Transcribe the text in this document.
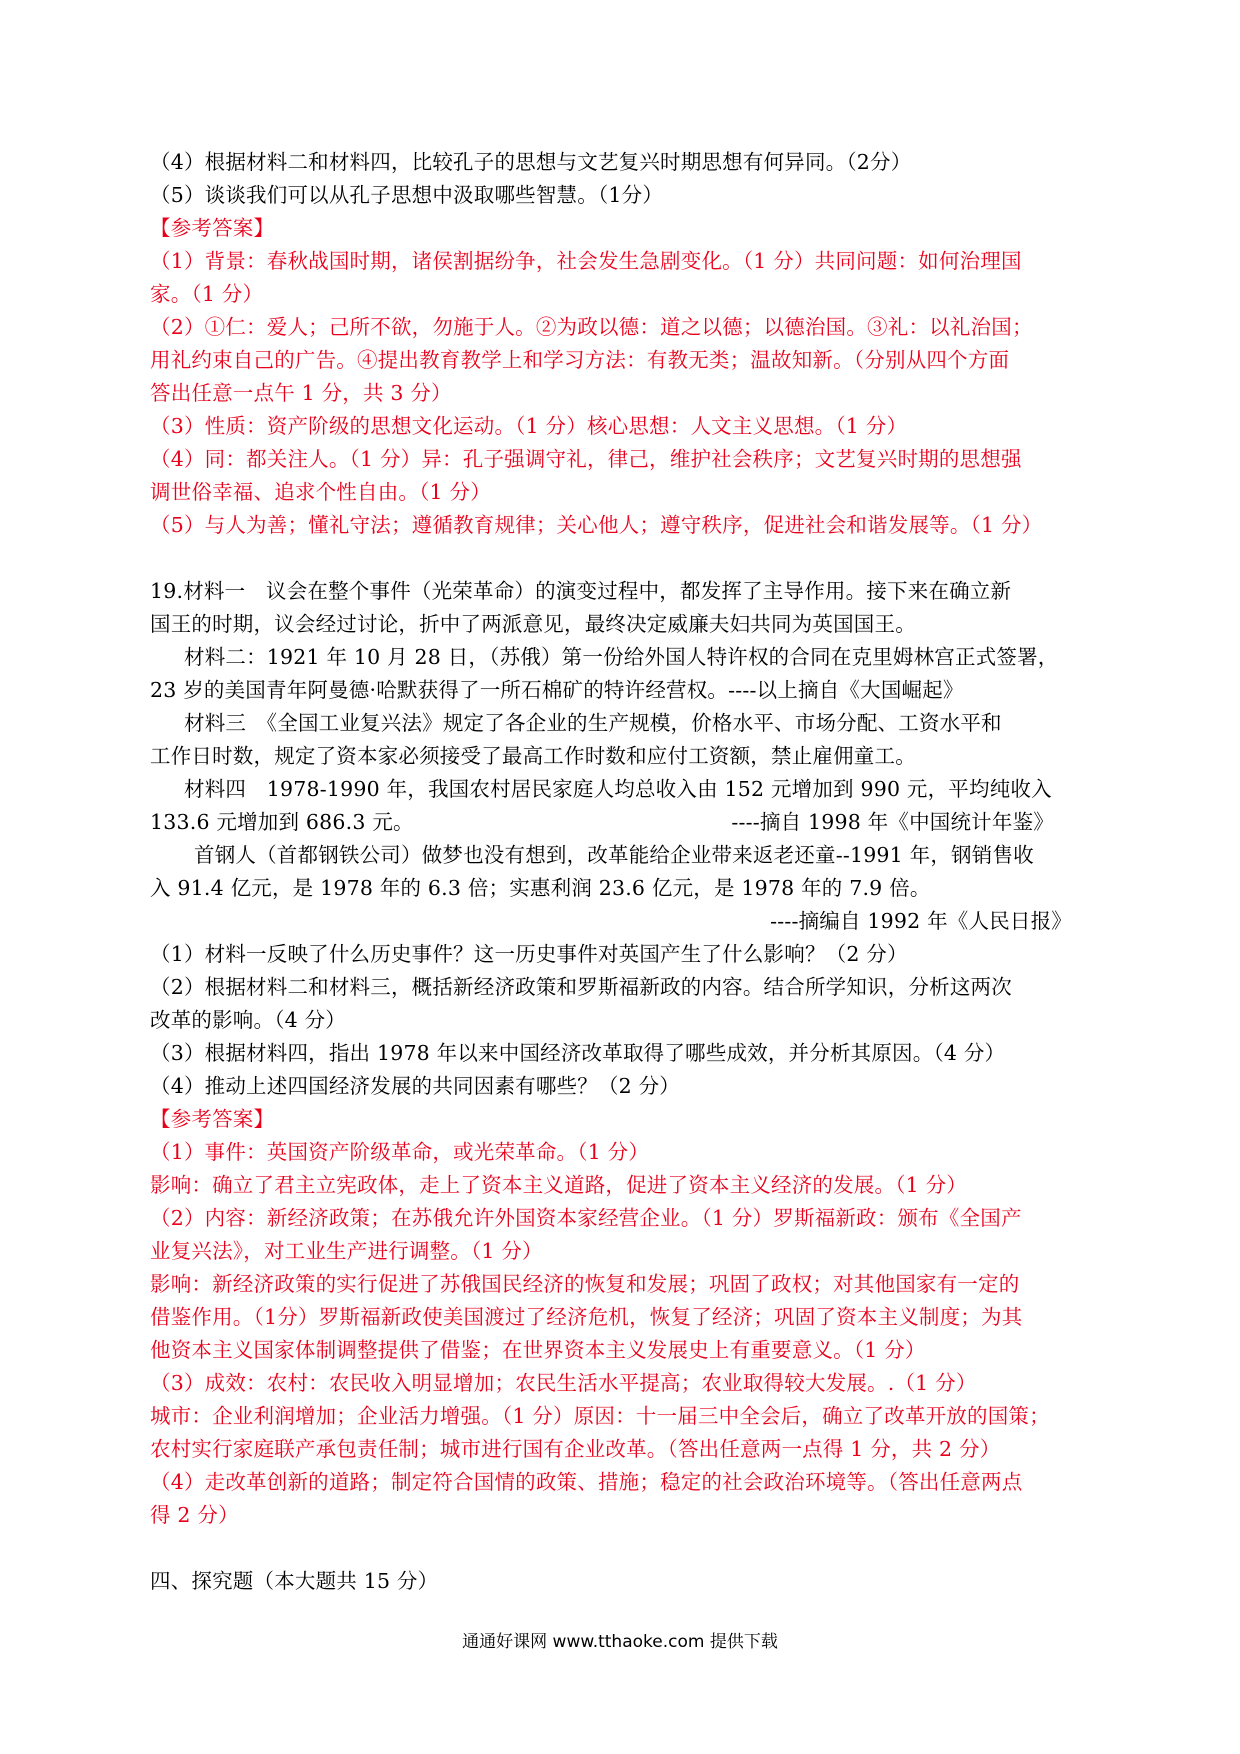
（4）根据材料二和材料四，比较孔子的思想与文艺复兴时期思想有何异同。（2分）
（5）谈谈我们可以从孔子思想中汲取哪些智慧。（1分）
【参考答案】
（1）背景：春秋战国时期，诸侯割据纷争，社会发生急剧变化。（1 分）共同问题：如何治理国
家。（1 分）
（2）①仁：爱人；己所不欲，勿施于人。②为政以德：道之以德；以德治国。③礼：以礼治国；
用礼约束自己的广告。④提出教育教学上和学习方法：有教无类；温故知新。（分别从四个方面
答出任意一点午 1 分，共 3 分）
（3）性质：资产阶级的思想文化运动。（1 分）核心思想：人文主义思想。（1 分）
（4）同：都关注人。（1 分）异：孔子强调守礼，律己，维护社会秩序；文艺复兴时期的思想强
调世俗幸福、追求个性自由。（1 分）
（5）与人为善；懂礼守法；遵循教育规律；关心他人；遵守秩序，促进社会和谐发展等。（1 分）
19.材料一　议会在整个事件（光荣革命）的演变过程中，都发挥了主导作用。接下来在确立新
国王的时期，议会经过讨论，折中了两派意见，最终决定威廉夫妇共同为英国国王。
材料二：1921 年 10 月 28 日，（苏俄）第一份给外国人特许权的合同在克里姆林宫正式签署，
23 岁的美国青年阿曼德·哈默获得了一所石棉矿的特许经营权。----以上摘自《大国崛起》
材料三　《全国工业复兴法》规定了各企业的生产规模，价格水平、市场分配、工资水平和
工作日时数，规定了资本家必须接受了最高工作时数和应付工资额，禁止雇佣童工。
材料四　1978-1990 年，我国农村居民家庭人均总收入由 152 元增加到 990 元，平均纯收入
133.6 元增加到 686.3 元。	----摘自 1998 年《中国统计年鉴》
首钢人（首都钢铁公司）做梦也没有想到，改革能给企业带来返老还童--1991 年，钢销售收
入 91.4 亿元，是 1978 年的 6.3 倍；实惠利润 23.6 亿元，是 1978 年的 7.9 倍。
----摘编自 1992 年《人民日报》
（1）材料一反映了什么历史事件？这一历史事件对英国产生了什么影响？（2 分）
（2）根据材料二和材料三，概括新经济政策和罗斯福新政的内容。结合所学知识，分析这两次
改革的影响。（4 分）
（3）根据材料四，指出 1978 年以来中国经济改革取得了哪些成效，并分析其原因。（4 分）
（4）推动上述四国经济发展的共同因素有哪些？（2 分）
【参考答案】
（1）事件：英国资产阶级革命，或光荣革命。（1 分）
影响：确立了君主立宪政体，走上了资本主义道路，促进了资本主义经济的发展。（1 分）
（2）内容：新经济政策；在苏俄允许外国资本家经营企业。（1 分）罗斯福新政：颁布《全国产
业复兴法》，对工业生产进行调整。（1 分）
影响：新经济政策的实行促进了苏俄国民经济的恢复和发展；巩固了政权；对其他国家有一定的
借鉴作用。（1分）罗斯福新政使美国渡过了经济危机，恢复了经济；巩固了资本主义制度；为其
他资本主义国家体制调整提供了借鉴；在世界资本主义发展史上有重要意义。（1 分）
（3）成效：农村：农民收入明显增加；农民生活水平提高；农业取得较大发展。.（1 分）
城市：企业利润增加；企业活力增强。（1 分）原因：十一届三中全会后，确立了改革开放的国策；
农村实行家庭联产承包责任制；城市进行国有企业改革。（答出任意两一点得 1 分，共 2 分）
（4）走改革创新的道路；制定符合国情的政策、措施；稳定的社会政治环境等。（答出任意两点
得 2 分）
四、探究题（本大题共 15 分）
通通好课网 www.tthaoke.com 提供下载
